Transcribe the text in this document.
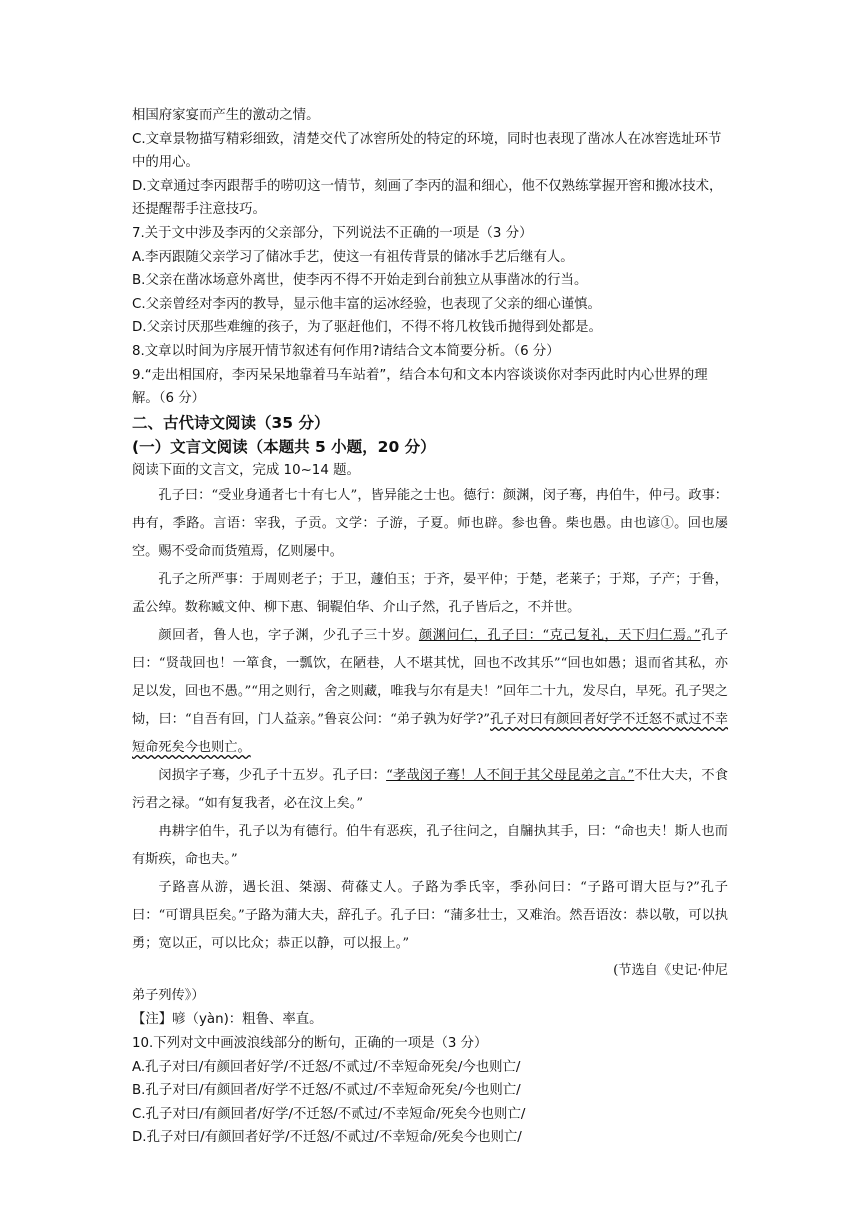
相国府家宴而产生的激动之情。

C.文章景物描写精彩细致，清楚交代了冰窖所处的特定的环境，同时也表现了凿冰人在冰窖选址环节中的用心。

D.文章通过李丙跟帮手的唠叨这一情节，刻画了李丙的温和细心，他不仅熟练掌握开窖和搬冰技术，还提醒帮手注意技巧。

7.关于文中涉及李丙的父亲部分，下列说法不正确的一项是（3 分）

A.李丙跟随父亲学习了储冰手艺，使这一有祖传背景的储冰手艺后继有人。

B.父亲在凿冰场意外离世，使李丙不得不开始走到台前独立从事凿冰的行当。

C.父亲曾经对李丙的教导，显示他丰富的运冰经验，也表现了父亲的细心谨慎。

D.父亲讨厌那些难缠的孩子，为了驱赶他们，不得不将几枚钱币抛得到处都是。

8.文章以时间为序展开情节叙述有何作用?请结合文本简要分析。（6 分）

9.“走出相国府，李丙呆呆地靠着马车站着”，结合本句和文本内容谈谈你对李丙此时内心世界的理解。（6 分）

二、古代诗文阅读（35 分）

(一）文言文阅读（本题共 5 小题，20 分）

阅读下面的文言文，完成 10~14 题。

孔子曰：“受业身通者七十有七人”，皆异能之士也。德行：颜渊，闵子骞，冉伯牛，仲弓。政事：冉有，季路。言语：宰我，子贡。文学：子游，子夏。师也辟。参也鲁。柴也愚。由也谚①。回也屡空。赐不受命而货殖焉，亿则屡中。

孔子之所严事：于周则老子；于卫，蘧伯玉；于齐，晏平仲；于楚，老莱子；于郑，子产；于鲁，孟公绰。数称臧文仲、柳下惠、铜鞮伯华、介山子然，孔子皆后之，不并世。

颜回者，鲁人也，字子渊，少孔子三十岁。颜渊问仁，孔子曰：“克己复礼，天下归仁焉。”孔子曰：“贤哉回也！一箪食，一瓢饮，在陋巷，人不堪其忧，回也不改其乐”“回也如愚；退而省其私，亦足以发，回也不愚。”“用之则行，舍之则藏，唯我与尔有是夫！”回年二十九，发尽白，早死。孔子哭之恸，曰：“自吾有回，门人益亲。”鲁哀公问：“弟子孰为好学?”孔子对曰有颜回者好学不迁怒不贰过不幸短命死矣今也则亡。

闵损字子骞，少孔子十五岁。孔子曰：“孝哉闵子骞！人不间于其父母昆弟之言。”不仕大夫，不食污君之禄。“如有复我者，必在汶上矣。”

冉耕字伯牛，孔子以为有德行。伯牛有恶疾，孔子往问之，自牖执其手，曰：“命也夫！斯人也而有斯疾，命也夫。”

子路喜从游，遇长沮、桀溺、荷蓧丈人。子路为季氏宰，季孙问曰：“子路可谓大臣与?”孔子曰：“可谓具臣矣。”子路为蒲大夫，辞孔子。孔子曰：“蒲多壮士，又难治。然吾语汝：恭以敬，可以执勇；宽以正，可以比众；恭正以静，可以报上。”

(节选自《史记·仲尼

弟子列传》）

【注】喭（yàn)：粗鲁、率直。

10.下列对文中画波浪线部分的断句，正确的一项是（3 分）

A.孔子对曰/有颜回者好学/不迁怒/不贰过/不幸短命死矣/今也则亡/

B.孔子对曰/有颜回者/好学不迁怒/不贰过/不幸短命死矣/今也则亡/

C.孔子对曰/有颜回者/好学/不迁怒/不贰过/不幸短命/死矣今也则亡/

D.孔子对曰/有颜回者好学/不迁怒/不贰过/不幸短命/死矣今也则亡/
